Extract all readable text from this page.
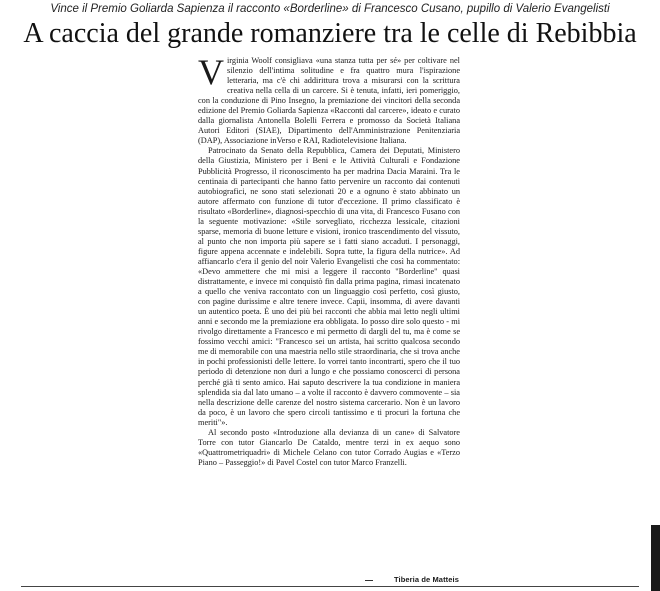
Vince il Premio Goliarda Sapienza il racconto «Borderline» di Francesco Cusano, pupillo di Valerio Evangelisti
A caccia del grande romanziere tra le celle di Rebibbia

Virginia Woolf consigliava «una stanza tutta per sé» per coltivare nel silenzio dell'intima solitudine e fra quattro mura l'ispirazione letteraria, ma c'è chi addirittura trova a misurarsi con la scrittura creativa nella cella di un carcere. Si è tenuta, infatti, ieri pomeriggio, con la conduzione di Pino Insegno, la premiazione dei vincitori della seconda edizione del Premio Goliarda Sapienza «Racconti dal carcere», ideato e curato dalla giornalista Antonella Bolelli Ferrera e promosso da Società Italiana Autori Editori (SIAE), Dipartimento dell'Amministrazione Penitenziaria (DAP), Associazione inVerso e RAI, Radiotelevisione Italiana.

Patrocinato da Senato della Repubblica, Camera dei Deputati, Ministero della Giustizia, Ministero per i Beni e le Attività Culturali e Fondazione Pubblicità Progresso, il riconoscimento ha per madrina Dacia Maraini. Tra le centinaia di partecipanti che hanno fatto pervenire un racconto dai contenuti autobiografici, ne sono stati selezionati 20 e a ognuno è stato abbinato un autore affermato con funzione di tutor d'eccezione. Il primo classificato è risultato «Borderline», diagnosi-specchio di una vita, di Francesco Fusano con la seguente motivazione: «Stile sorvegliato, ricchezza lessicale, citazioni sparse, memoria di buone letture e visioni, ironico trascendimento del vissuto, al punto che non importa più sapere se i fatti siano accaduti. I personaggi, figure appena accennate e indelebili. Sopra tutte, la figura della nutrice». Ad affiancarlo c'era il genio del noir Valerio Evangelisti che così ha commentato: «Devo ammettere che mi misi a leggere il racconto "Borderline" quasi distrattamente, e invece mi conquistò fin dalla prima pagina, rimasi incatenato a quello che veniva raccontato con un linguaggio così perfetto, così giusto, con pagine durissime e altre tenere invece. Capii, insomma, di avere davanti un autentico poeta. È uno dei più bei racconti che abbia mai letto negli ultimi anni e secondo me la premiazione era obbligata. Io posso dire solo questo - mi rivolgo direttamente a Francesco e mi permetto di dargli del tu, ma è come se fossimo vecchi amici: "Francesco sei un artista, hai scritto qualcosa secondo me di memorabile con una maestria nello stile straordinaria, che si trova anche in pochi professionisti delle lettere. Io vorrei tanto incontrarti, spero che il tuo periodo di detenzione non duri a lungo e che possiamo conoscerci di persona perché già ti sento amico. Hai saputo descrivere la tua condizione in maniera splendida sia dal lato umano – a volte il racconto è davvero commovente – sia nella descrizione delle carenze del nostro sistema carcerario. Non è un lavoro da poco, è un lavoro che spero circoli tantissimo e ti procuri la fortuna che meriti"».

Al secondo posto «Introduzione alla devianza di un cane» di Salvatore Torre con tutor Giancarlo De Cataldo, mentre terzi in ex aequo sono «Quattrometriquadri» di Michele Celano con tutor Corrado Augias e «Terzo Piano – Passeggio!» di Pavel Costel con tutor Marco Franzelli.

Tiberia de Matteis
